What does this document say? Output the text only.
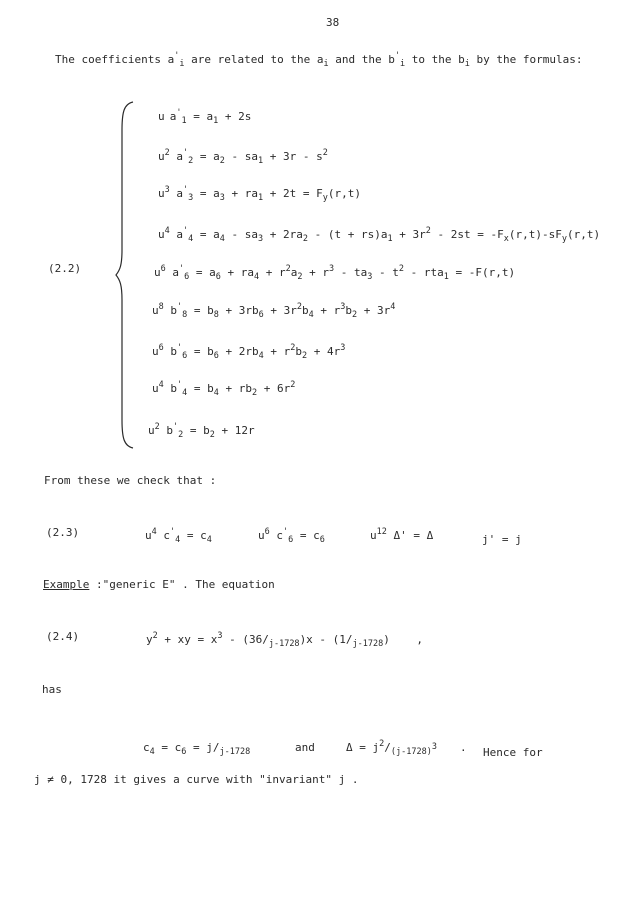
38
The coefficients $a'_i$ are related to the $a_i$ and the $b'_i$ to the $b_i$ by the formulas:
(2.2)
u $a'_1 = a_1 + 2s$
$u^2$ $a'_2 = a_2 - sa_1 + 3r - s^2$
$u^3$ $a'_3 = a_3 + ra_1 + 2t = F_y(r,t)$
$u^4$ $a'_4 = a_4 - sa_3 + 2ra_2 - (t + rs)a_1 + 3r^2 - 2st = -F_x(r,t)-sF_y(r,t)$
$u^6$ $a'_6 = a_6 + ra_4 + r^2a_2 + r^3 - ta_3 - t^2 - rta_1 = -F(r,t)$
$u^8$ $b'_8 = b_8 + 3rb_6 + 3r^2b_4 + r^3b_2 + 3r^4$
$u^6$ $b'_6 = b_6 + 2rb_4 + r^2b_2 + 4r^3$
$u^4$ $b'_4 = b_4 + rb_2 + 6r^2$
$u^2$ $b'_2 = b_2 + 12r$
From these we check that :
(2.3)	$u^4$ $c'_4 = c_4$	$u^6$ $c'_6 = c_6$	$u^{12}$ Δ' = Δ	j' = j
Example :"generic E" . The equation
(2.4)	$y^2$ + xy = $x^3 - (36/_{j-1728})x - (1/_{j-1728})$    ,
has
$c_4 = c_6 = j/_{j-1728}$	and	$\Delta = j^2/_{(j-1728)^3}$ . Hence for
j ≠ 0, 1728 it gives a curve with "invariant" j .
